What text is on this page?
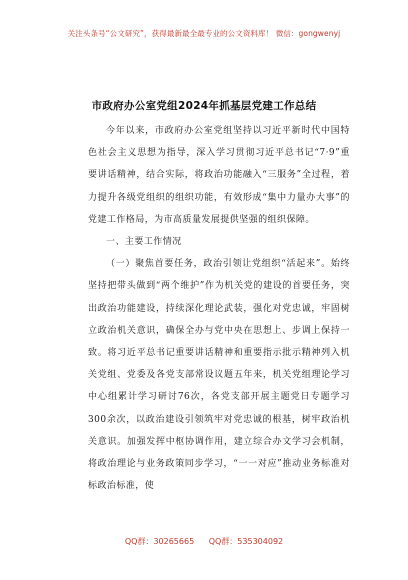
关注头条号“公文研究”，获得最新最全最专业的公文资料库！ 微信：gongwenyj
市政府办公室党组2024年抓基层党建工作总结

今年以来，市政府办公室党组坚持以习近平新时代中国特色社会主义思想为指导，深入学习贯彻习近平总书记“7·9”重要讲话精神，结合实际，将政治功能融入“三服务”全过程，着力提升各级党组织的组织功能，有效形成“集中力量办大事”的党建工作格局，为市高质量发展提供坚强的组织保障。

一、主要工作情况

（一）聚焦首要任务，政治引领让党组织“活起来”。始终坚持把带头做到“两个维护”作为机关党的建设的首要任务，突出政治功能建设，持续深化理论武装，强化对党忠诚，牢固树立政治机关意识，确保全办与党中央在思想上、步调上保持一致。将习近平总书记重要讲话精神和重要指示批示精神列入机关党组、党委及各党支部常设议题五年来，机关党组理论学习中心组累计学习研讨76次，各党支部开展主题党日专题学习300余次，以政治建设引领筑牢对党忠诚的根基，树牢政治机关意识。加强发挥中枢协调作用，建立综合办文学习会机制，将政治理论与业务政策同步学习，“一一对应”推动业务标准对标政治标准，使

QQ群：30265665 QQ群：535304092
